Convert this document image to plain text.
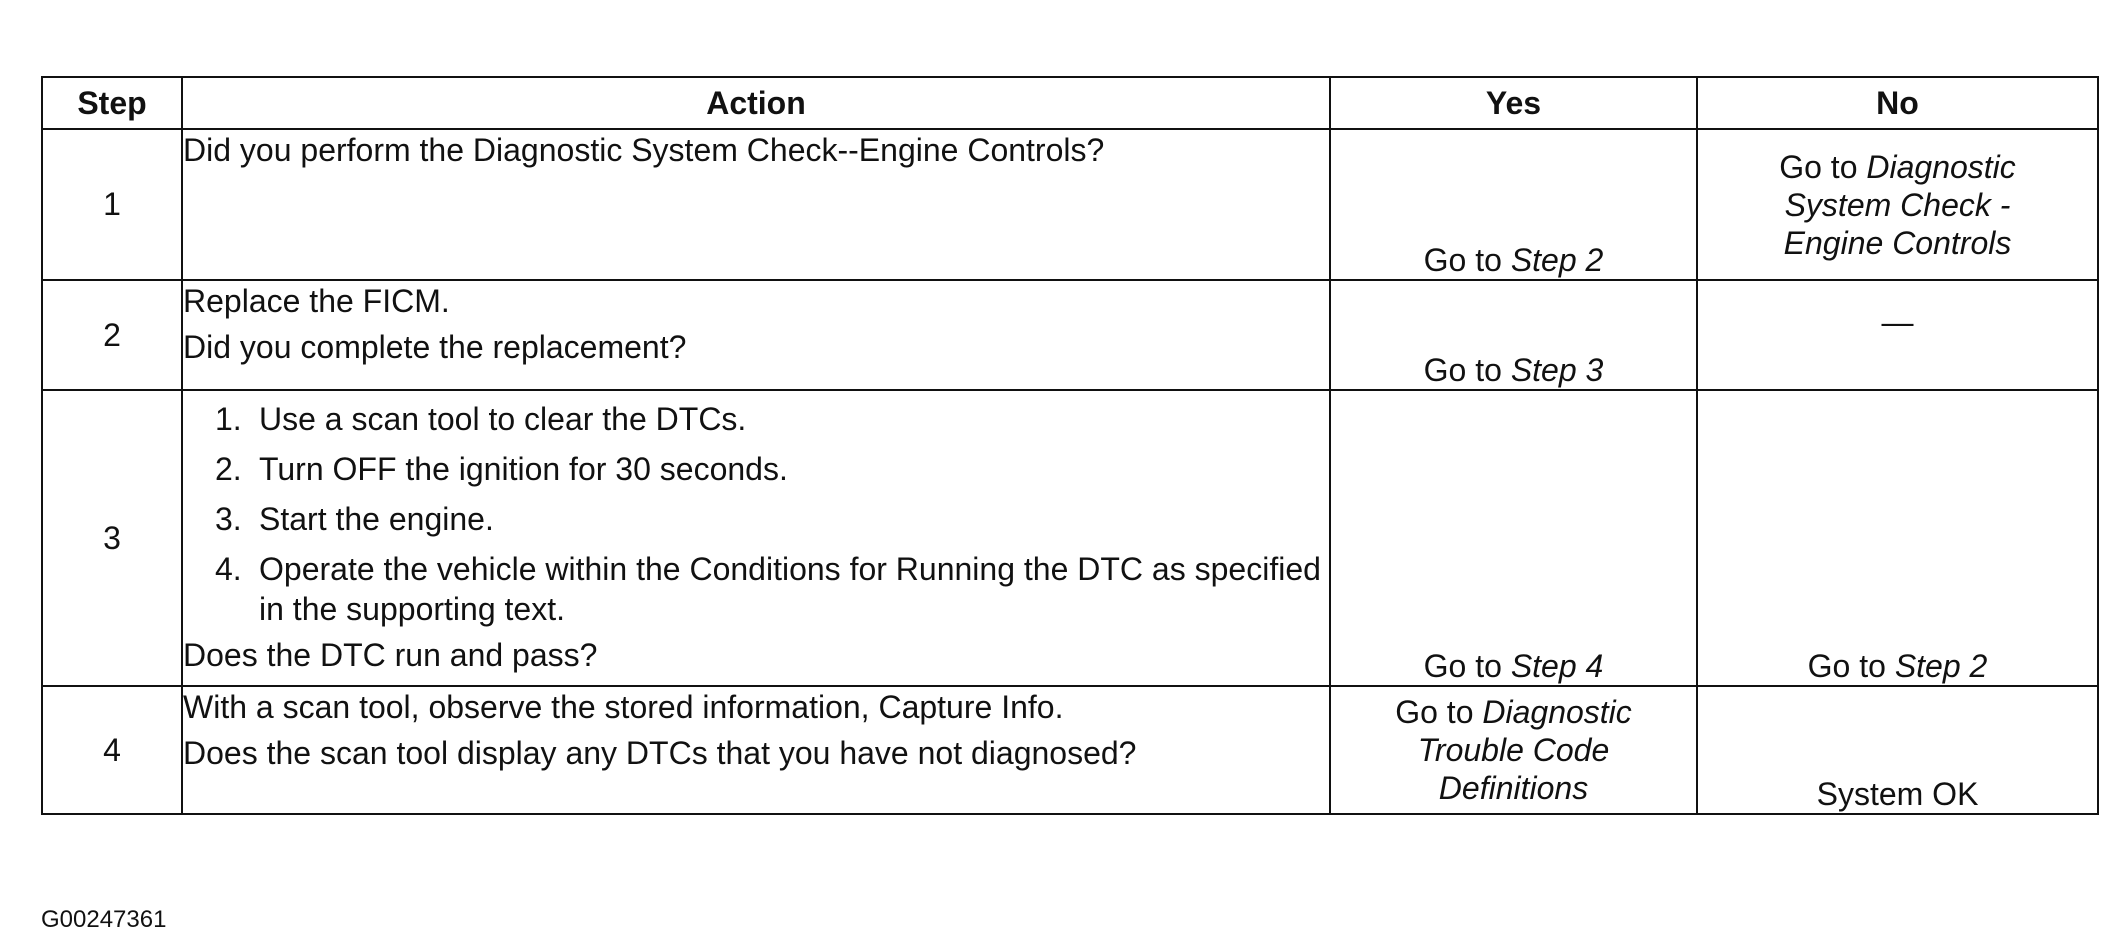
Step	Action	Yes	No
1	Did you perform the Diagnostic System Check--Engine Controls?	Go to Step 2	Go to Diagnostic
System Check -
Engine Controls

2	Replace the FICM.
Did you complete the replacement?	Go to Step 3	—
3	1. Use a scan tool to clear the DTCs.
2. Turn OFF the ignition for 30 seconds.
3. Start the engine.
4. Operate the vehicle within the Conditions for Running the DTC as specified in the supporting text.
Does the DTC run and pass?	Go to Step 4	Go to Step 2
4	With a scan tool, observe the stored information, Capture Info.
Does the scan tool display any DTCs that you have not diagnosed?	Go to Diagnostic
Trouble Code
Definitions	System OK
G00247361
